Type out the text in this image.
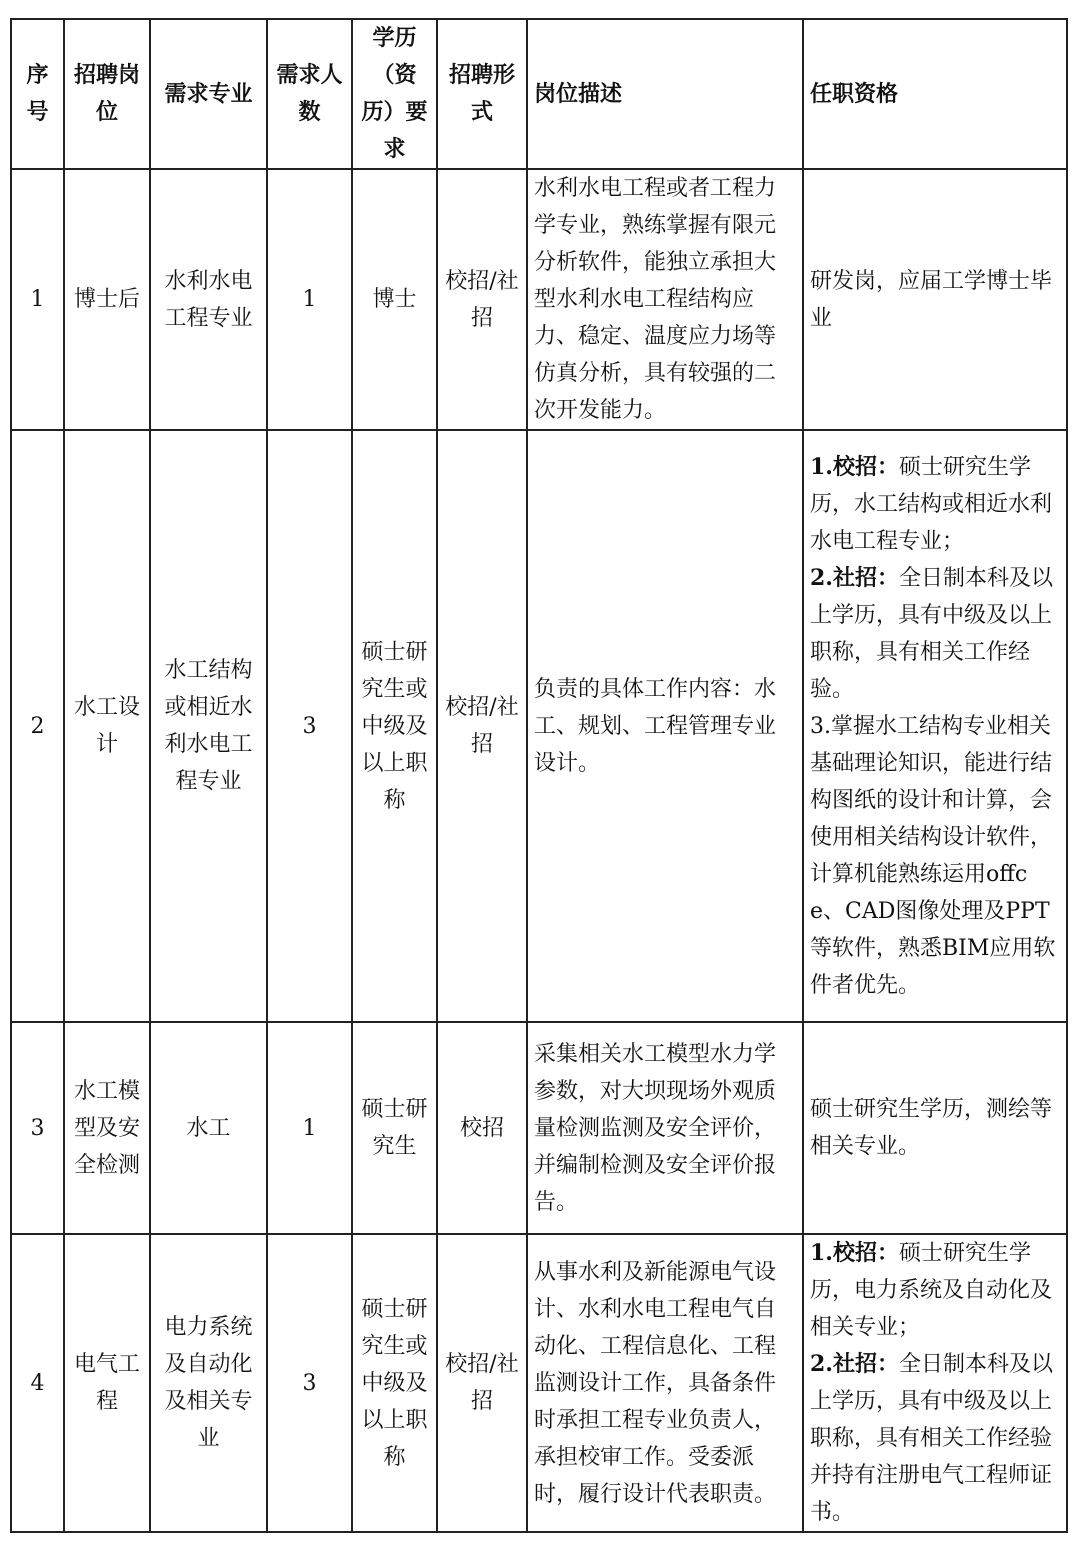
序号	招聘岗位	需求专业	需求人数	学历（资历）要求	招聘形式	岗位描述	任职资格
1	博士后	水利水电工程专业	1	博士	校招/社招	水利水电工程或者工程力学专业，熟练掌握有限元分析软件，能独立承担大型水利水电工程结构应力、稳定、温度应力场等仿真分析，具有较强的二次开发能力。	研发岗，应届工学博士毕业
2	水工设计	水工结构或相近水利水电工程专业	3	硕士研究生或中级及以上职称	校招/社招	负责的具体工作内容：水工、规划、工程管理专业设计。	1.校招：硕士研究生学历，水工结构或相近水利水电工程专业；
2.社招：全日制本科及以上学历，具有中级及以上职称，具有相关工作经验。
3.掌握水工结构专业相关基础理论知识，能进行结构图纸的设计和计算，会使用相关结构设计软件，计算机能熟练运用offce、CAD图像处理及PPT等软件，熟悉BIM应用软件者优先。

3	水工模型及安全检测	水工	1	硕士研究生	校招	采集相关水工模型水力学参数，对大坝现场外观质量检测监测及安全评价，并编制检测及安全评价报告。	硕士研究生学历，测绘等相关专业。
4	电气工程	电力系统及自动化及相关专业	3	硕士研究生或中级及以上职称	校招/社招	从事水利及新能源电气设计、水利水电工程电气自动化、工程信息化、工程监测设计工作，具备条件时承担工程专业负责人，承担校审工作。受委派时，履行设计代表职责。	1.校招：硕士研究生学历，电力系统及自动化及相关专业；
2.社招：全日制本科及以上学历，具有中级及以上职称，具有相关工作经验并持有注册电气工程师证书。
